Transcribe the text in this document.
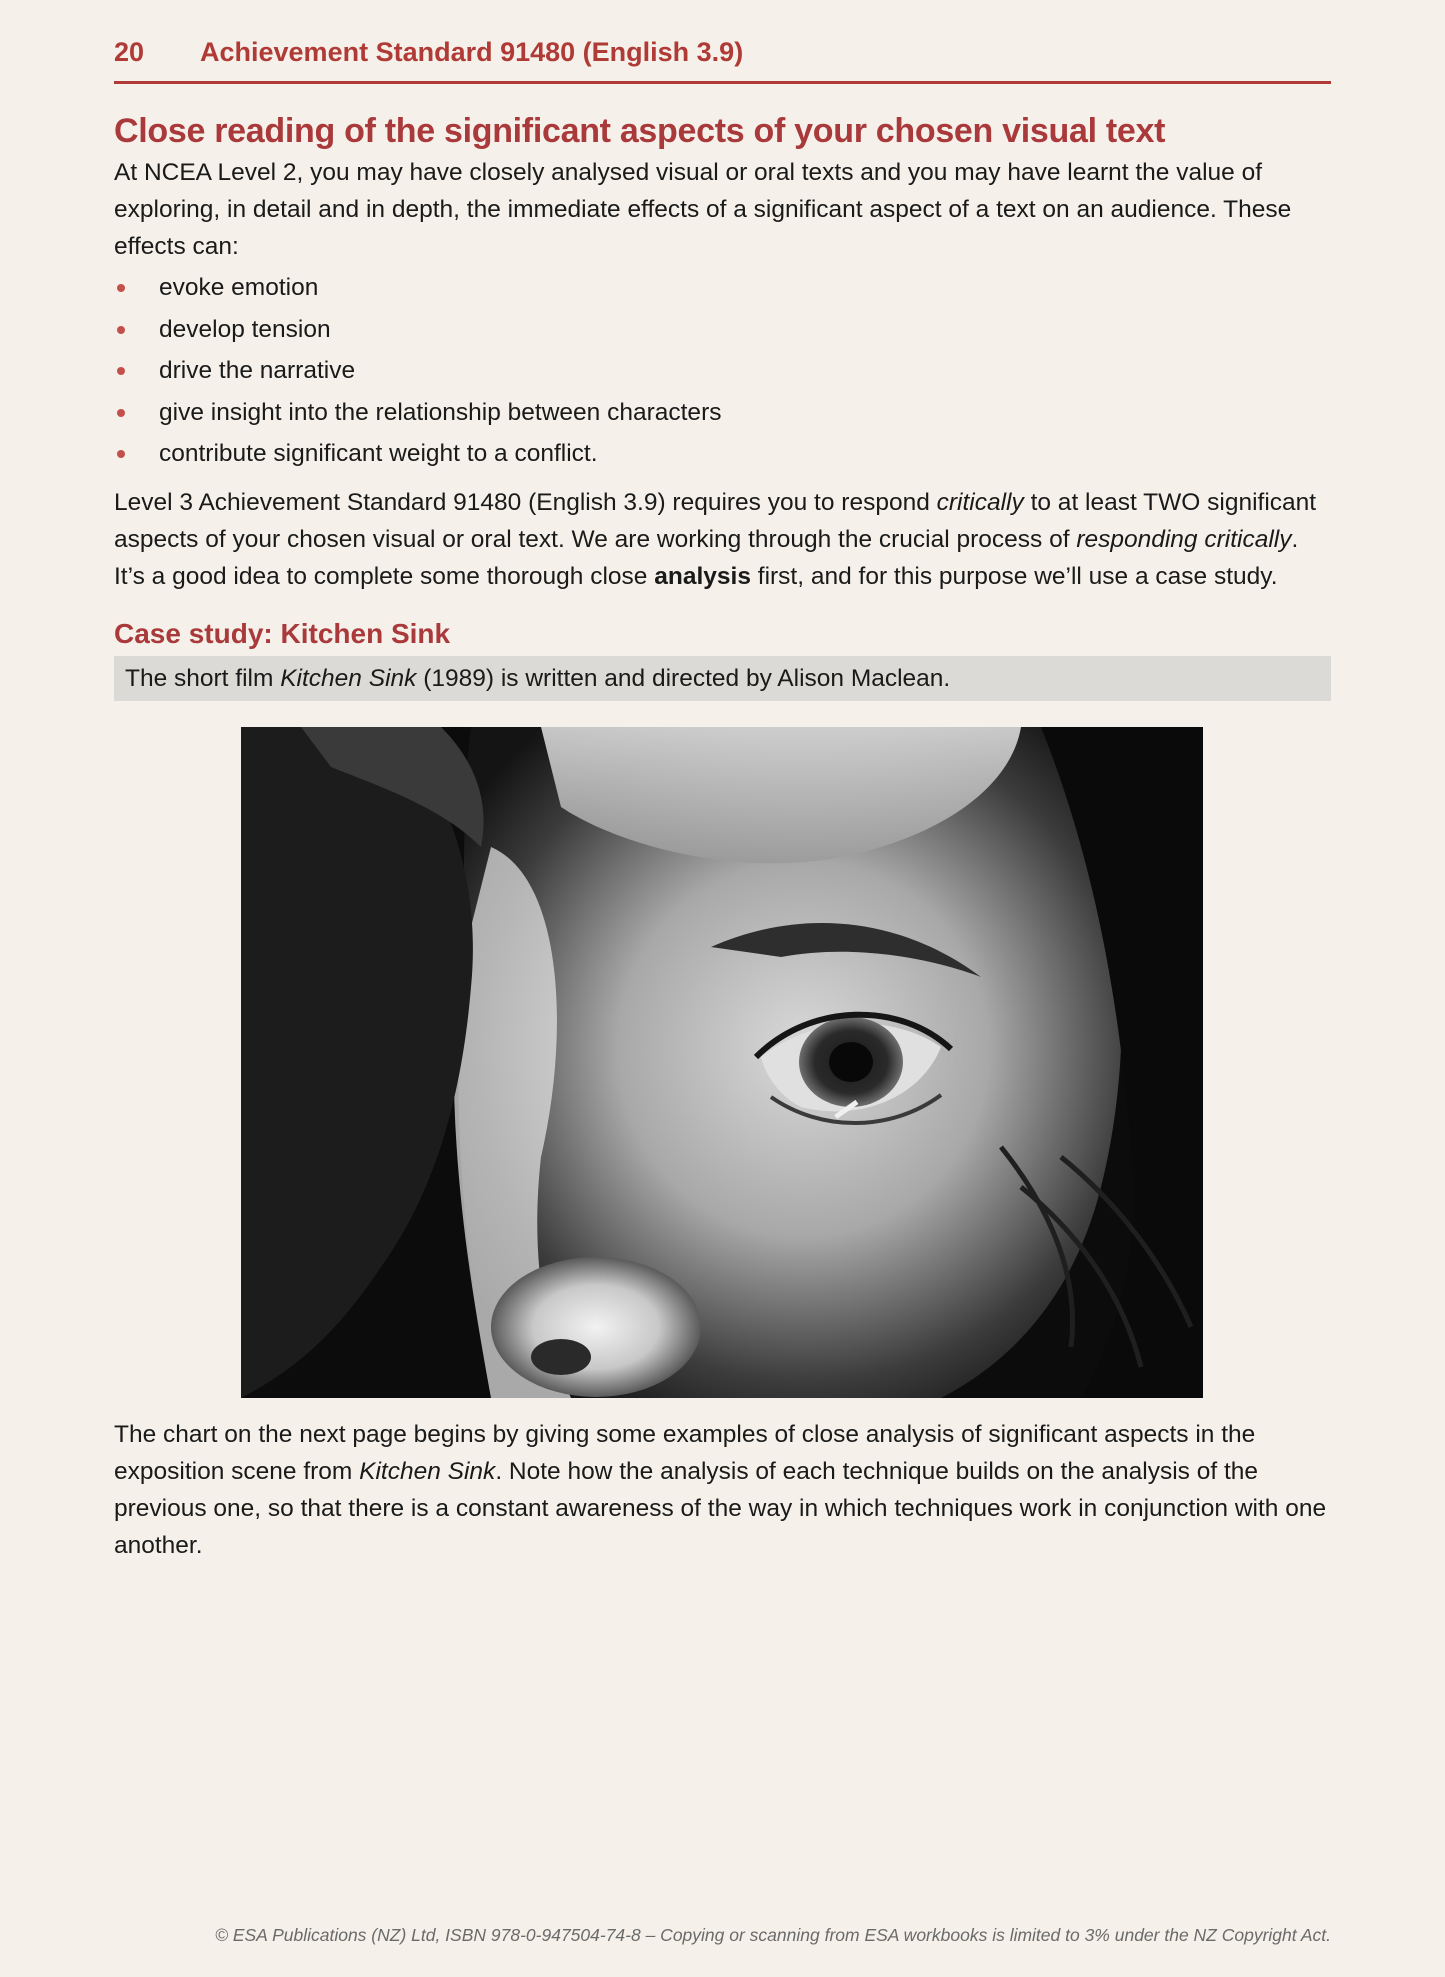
20 Achievement Standard 91480 (English 3.9)
Close reading of the significant aspects of your chosen visual text

At NCEA Level 2, you may have closely analysed visual or oral texts and you may have learnt the value of exploring, in detail and in depth, the immediate effects of a significant aspect of a text on an audience. These effects can:

evoke emotion
develop tension
drive the narrative
give insight into the relationship between characters
contribute significant weight to a conflict.

Level 3 Achievement Standard 91480 (English 3.9) requires you to respond critically to at least TWO significant aspects of your chosen visual or oral text. We are working through the crucial process of responding critically. It’s a good idea to complete some thorough close analysis first, and for this purpose we’ll use a case study.

Case study: Kitchen Sink
The short film Kitchen Sink (1989) is written and directed by Alison Maclean.

The chart on the next page begins by giving some examples of close analysis of significant aspects in the exposition scene from Kitchen Sink. Note how the analysis of each technique builds on the analysis of the previous one, so that there is a constant awareness of the way in which techniques work in conjunction with one another.

© ESA Publications (NZ) Ltd, ISBN 978-0-947504-74-8 – Copying or scanning from ESA workbooks is limited to 3% under the NZ Copyright Act.
